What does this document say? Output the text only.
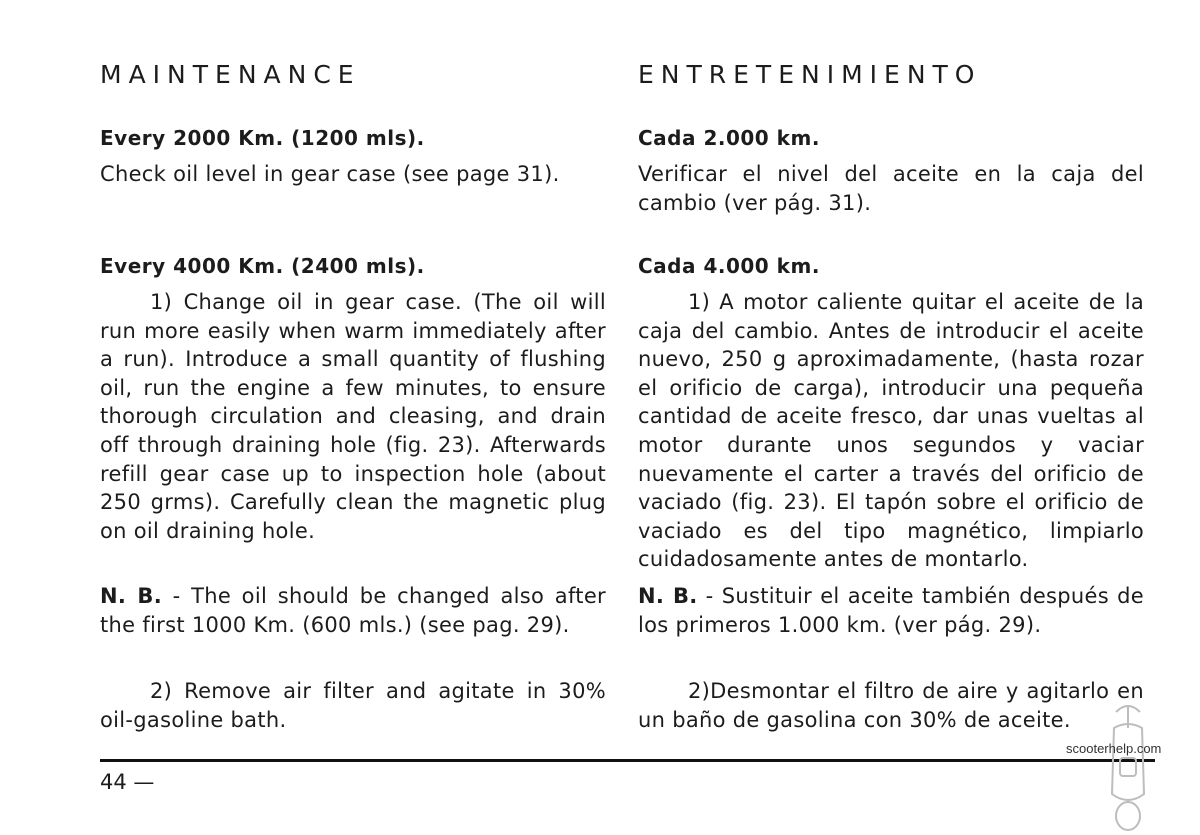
MAINTENANCE
Every 2000 Km. (1200 mls).

Check oil level in gear case (see page 31).

Every 4000 Km. (2400 mls).

1) Change oil in gear case. (The oil will run more easily when warm immediately after a run). Introduce a small quantity of flushing oil, run the engine a few minutes, to ensure thorough circulation and cleasing, and drain off through draining hole (fig. 23). Afterwards refill gear case up to inspection hole (about 250 grms). Carefully clean the magnetic plug on oil draining hole.

N. B. - The oil should be changed also after the first 1000 Km. (600 mls.) (see pag. 29).

2) Remove air filter and agitate in 30% oil-gasoline bath.

ENTRETENIMIENTO
Cada 2.000 km.

Verificar el nivel del aceite en la caja del cambio (ver pág. 31).

Cada 4.000 km.

1) A motor caliente quitar el aceite de la caja del cambio. Antes de introducir el aceite nuevo, 250 g aproximadamente, (hasta rozar el orificio de carga), introducir una pequeña cantidad de aceite fresco, dar unas vueltas al motor durante unos segundos y vaciar nuevamente el carter a través del orificio de vaciado (fig. 23). El tapón sobre el orificio de vaciado es del tipo magnético, limpiarlo cuidadosamente antes de montarlo.

N. B. - Sustituir el aceite también después de los primeros 1.000 km. (ver pág. 29).

2)Desmontar el filtro de aire y agitarlo en un baño de gasolina con 30% de aceite.

44 —
scooterhelp.com
